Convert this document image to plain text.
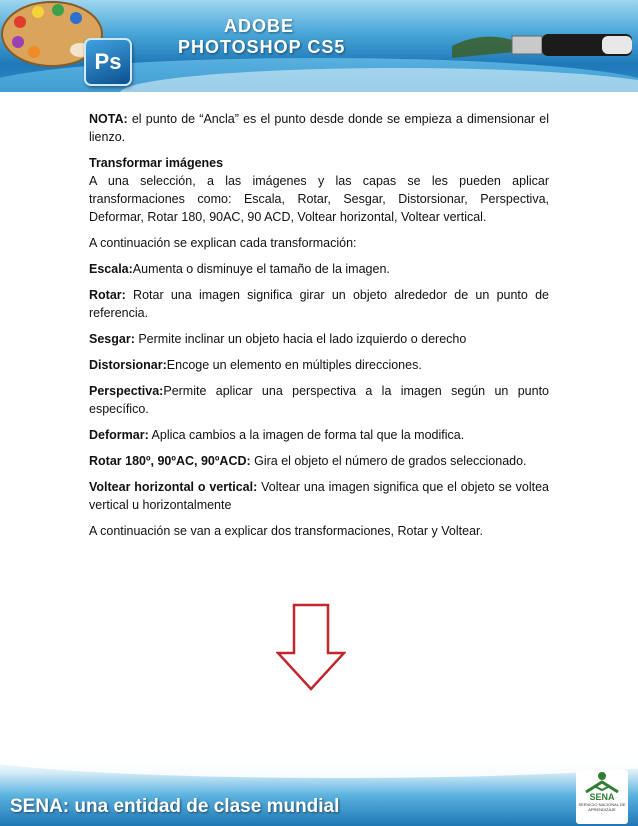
Ps
ADOBE
PHOTOSHOP CS5

NOTA: el punto de “Ancla” es el punto desde donde se empieza a dimensionar el lienzo.

Transformar imágenes
A una selección, a las imágenes y las capas se les pueden aplicar transformaciones como: Escala, Rotar, Sesgar, Distorsionar, Perspectiva, Deformar, Rotar 180, 90AC, 90 ACD, Voltear horizontal, Voltear vertical.

A continuación se explican cada transformación:

Escala:Aumenta o disminuye el tamaño de la imagen.

Rotar: Rotar una imagen significa girar un objeto alrededor de un punto de referencia.

Sesgar: Permite inclinar un objeto hacia el lado izquierdo o derecho

Distorsionar:Encoge un elemento en múltiples direcciones.

Perspectiva:Permite aplicar una perspectiva a la imagen según un punto específico.

Deformar: Aplica cambios a la imagen de forma tal que la modifica.

Rotar 180º, 90ºAC, 90ºACD: Gira el objeto el número de grados seleccionado.

Voltear horizontal o vertical: Voltear una imagen significa que el objeto se voltea vertical u horizontalmente

A continuación se van a explicar dos transformaciones, Rotar y Voltear.

SENA: una entidad de clase mundial	SENA
SERVICIO NACIONAL DE APRENDIZAJE
